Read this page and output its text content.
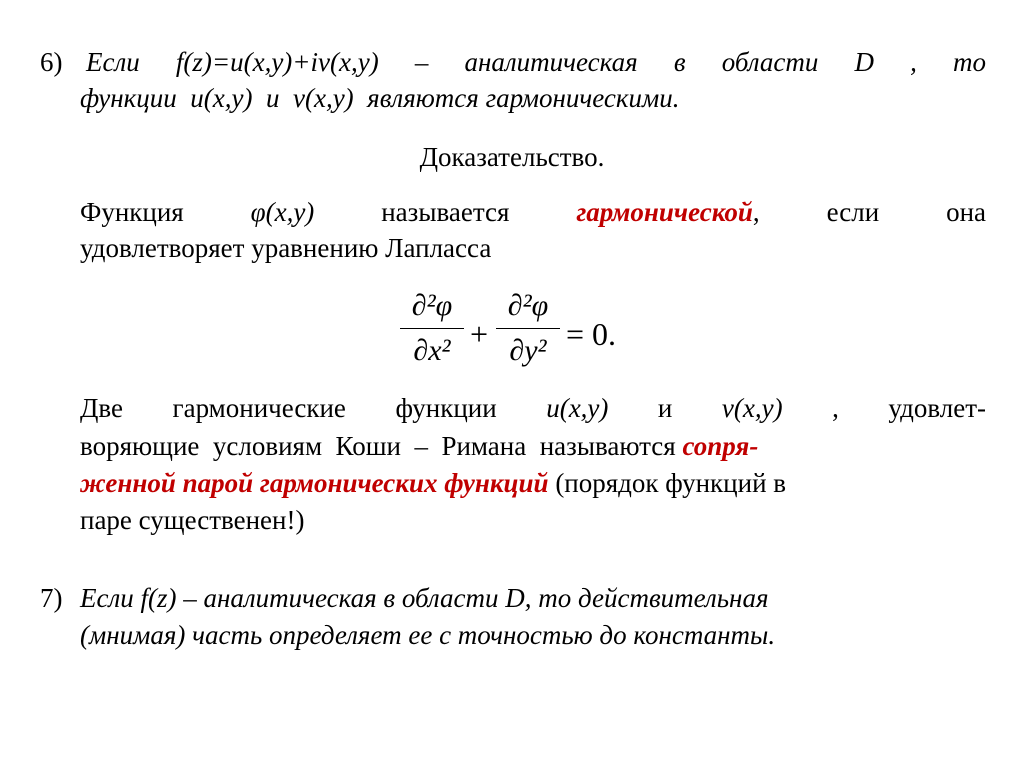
6) Если f(z)=u(x,y)+iv(x,y) – аналитическая в области D , то
функции  u(x,y)  и  v(x,y)  являются гармоническими.
Доказательство.
Функция φ(x,y) называется гармонической, если она
удовлетворяет уравнению Лапласса
∂²φ
∂x² +
∂²φ
∂y² = 0.
Две гармонические функции u(x,y) и v(x,y) , удовлет-
воряющие  условиям  Коши  –  Римана  называются сопря-
женной парой гармонических функций (порядок функций в
паре существенен!)
7) Если f(z) – аналитическая в области D, то действительная
(мнимая) часть определяет ее с точностью до константы.
